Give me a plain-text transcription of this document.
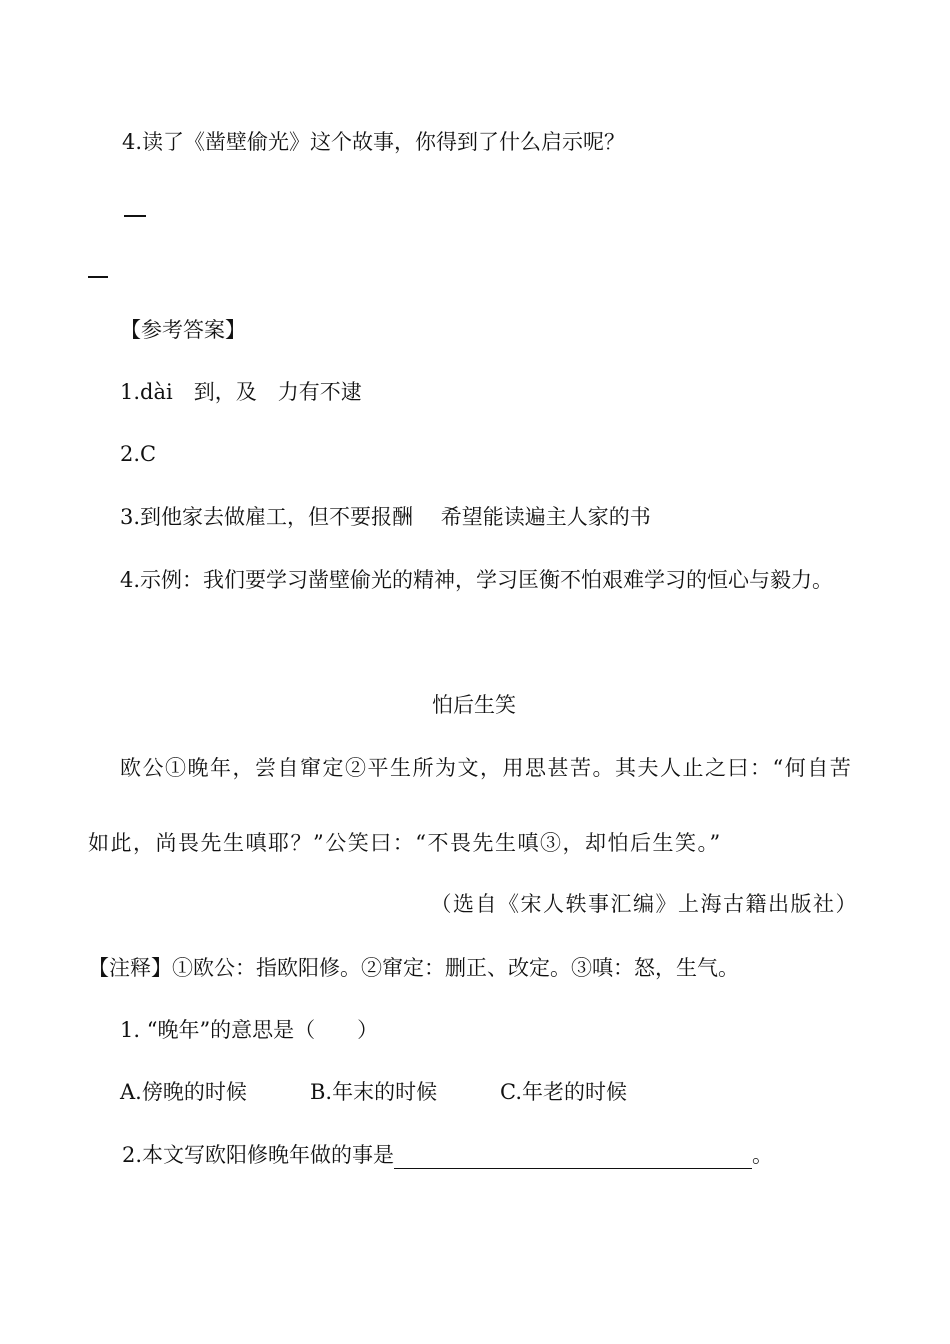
4.读了《凿壁偷光》这个故事，你得到了什么启示呢？
【参考答案】
1.dài　到，及　力有不逮
2.C
3.到他家去做雇工，但不要报酬　 希望能读遍主人家的书
4.示例：我们要学习凿壁偷光的精神，学习匡衡不怕艰难学习的恒心与毅力。
怕后生笑
欧公①晚年，尝自窜定②平生所为文，用思甚苦。其夫人止之曰：“何自苦
如此，尚畏先生嗔耶？”公笑曰：“不畏先生嗔③，却怕后生笑。”
（选自《宋人轶事汇编》上海古籍出版社）
【注释】①欧公：指欧阳修。②窜定：删正、改定。③嗔：怒，生气。
1. “晚年”的意思是（　　）
A.傍晚的时候	B.年末的时候	C.年老的时候
2.本文写欧阳修晚年做的事是	。
